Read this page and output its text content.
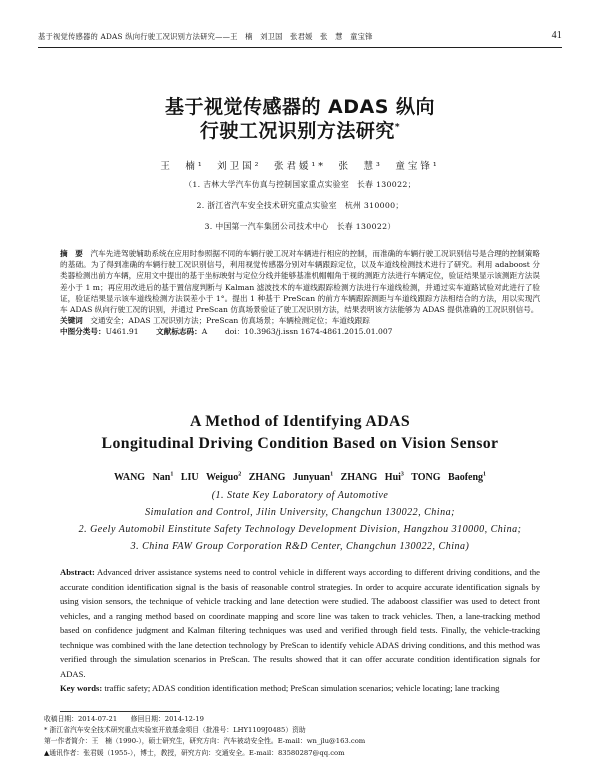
基于视觉传感器的 ADAS 纵向行驶工况识别方法研究——王　楠　刘卫国　张君媛　张　慧　童宝锋	41
基于视觉传感器的 ADAS 纵向
行驶工况识别方法研究*
王　楠¹　刘卫国²　张君媛¹*　张　慧³　童宝锋¹
（1. 吉林大学汽车仿真与控制国家重点实验室　长春 130022；
2. 浙江省汽车安全技术研究重点实验室　杭州 310000；
3. 中国第一汽车集团公司技术中心　长春 130022）

摘　要　 汽车先进驾驶辅助系统在应用时参照据不同的车辆行驶工况对车辆进行相应的控制，而准确的车辆行驶工况识别信号是合理的控制策略的基础。为了得到准确的车辆行驶工况识别信号，利用视觉传感器分别对车辆跟踪定位，以及车道线检测技术进行了研究。利用 adaboost 分类器检测出前方车辆，应用文中提出的基于坐标映射与定位分线并能够基准机帽帽角于视的测距方法进行车辆定位，验证结果显示该测距方法误差小于 1 m；再应用改进后的基于置信度判断与 Kalman 滤波技术的车道线跟踪检测方法进行车道线检测，并通过实车道路试验对此进行了验证，验证结果显示该车道线检测方法误差小于 1°。提出 1 种基于 PreScan 的前方车辆跟踪测距与车道线跟踪方法相结合的方法，用以实现汽车 ADAS 纵向行驶工况的识别，并通过 PreScan 仿真场景验证了驶工况识别方法，结果表明该方法能够为 ADAS 提供准确的工况识别信号。

关键词　 交通安全；ADAS 工况识别方法；PreScan 仿真场景；车辆检测定位；车道线跟踪

中图分类号：U461.91 　　 文献标志码：A 　　 doi：10.3963/j.issn 1674-4861.2015.01.007

A Method of Identifying ADAS
Longitudinal Driving Condition Based on Vision Sensor
WANG Nan$^1$ LIU Weiguo$^2$ ZHANG Junyuan$^1$ ZHANG Hui$^3$ TONG Baofeng$^1$
(1. State Key Laboratory of Automotive
Simulation and Control, Jilin University, Changchun 130022, China;
2. Geely Automobil Einstitute Safety Technology Development Division, Hangzhou 310000, China;
3. China FAW Group Corporation R&D Center, Changchun 130022, China)

Abstract: Advanced driver assistance systems need to control vehicle in different ways according to different driving conditions, and the accurate condition identification signal is the basis of reasonable control strategies. In order to acquire accurate identification signals by using vision sensors, the technique of vehicle tracking and lane detection were studied. The adaboost classifier was used to detect front vehicles, and a ranging method based on coordinate mapping and score line was taken to track vehicles. Then, a lane-tracking method based on confidence judgment and Kalman filtering techniques was used and verified through field tests. Finally, the vehicle-tracking technique was combined with the lane detection technology by PreScan to identify vehicle ADAS driving conditions, and this method was verified through the simulation scenarios in PreScan. The results showed that it can offer accurate condition identification signals for ADAS.

Key words: traffic safety; ADAS condition identification method; PreScan simulation scenarios; vehicle locating; lane tracking

收稿日期：2014-07-21　　修回日期：2014-12-19
* 浙江省汽车安全技术研究重点实验室开放基金项目（批准号：LHY1109J0485）资助
第一作者简介：王　楠（1990-），硕士研究生，研究方向：汽车被动安全性。E-mail：wn_jlu@163.com
▲通讯作者：张君媛（1955-），博士，教授，研究方向：交通安全。E-mail：83580287@qq.com
